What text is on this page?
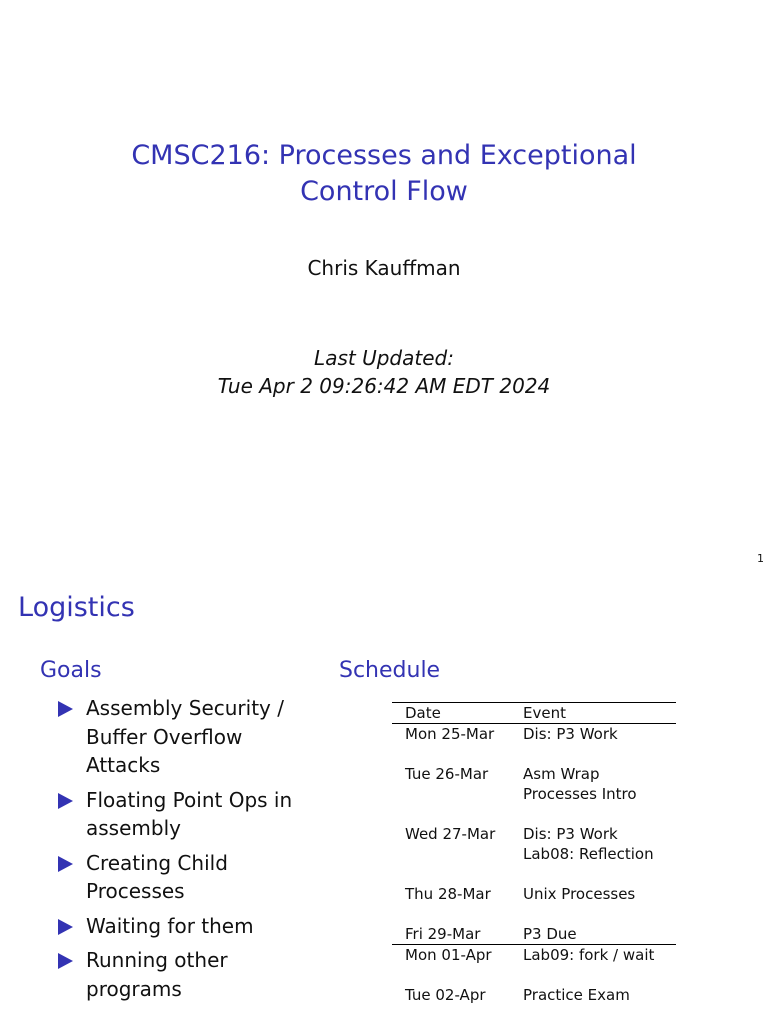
CMSC216: Processes and Exceptional Control Flow
Chris Kauffman
Last Updated:
Tue Apr 2 09:26:42 AM EDT 2024
1
Logistics
Goals
Assembly Security / Buffer Overflow Attacks
Floating Point Ops in assembly
Creating Child Processes
Waiting for them
Running other programs
Schedule
Date	Event
Mon 25-Mar	Dis: P3 Work

Tue 26-Mar	Asm Wrap
Processes Intro

Wed 27-Mar	Dis: P3 Work
Lab08: Reflection

Thu 28-Mar	Unix Processes

Fri 29-Mar	P3 Due

Mon 01-Apr	Lab09: fork / wait

Tue 02-Apr	Practice Exam
